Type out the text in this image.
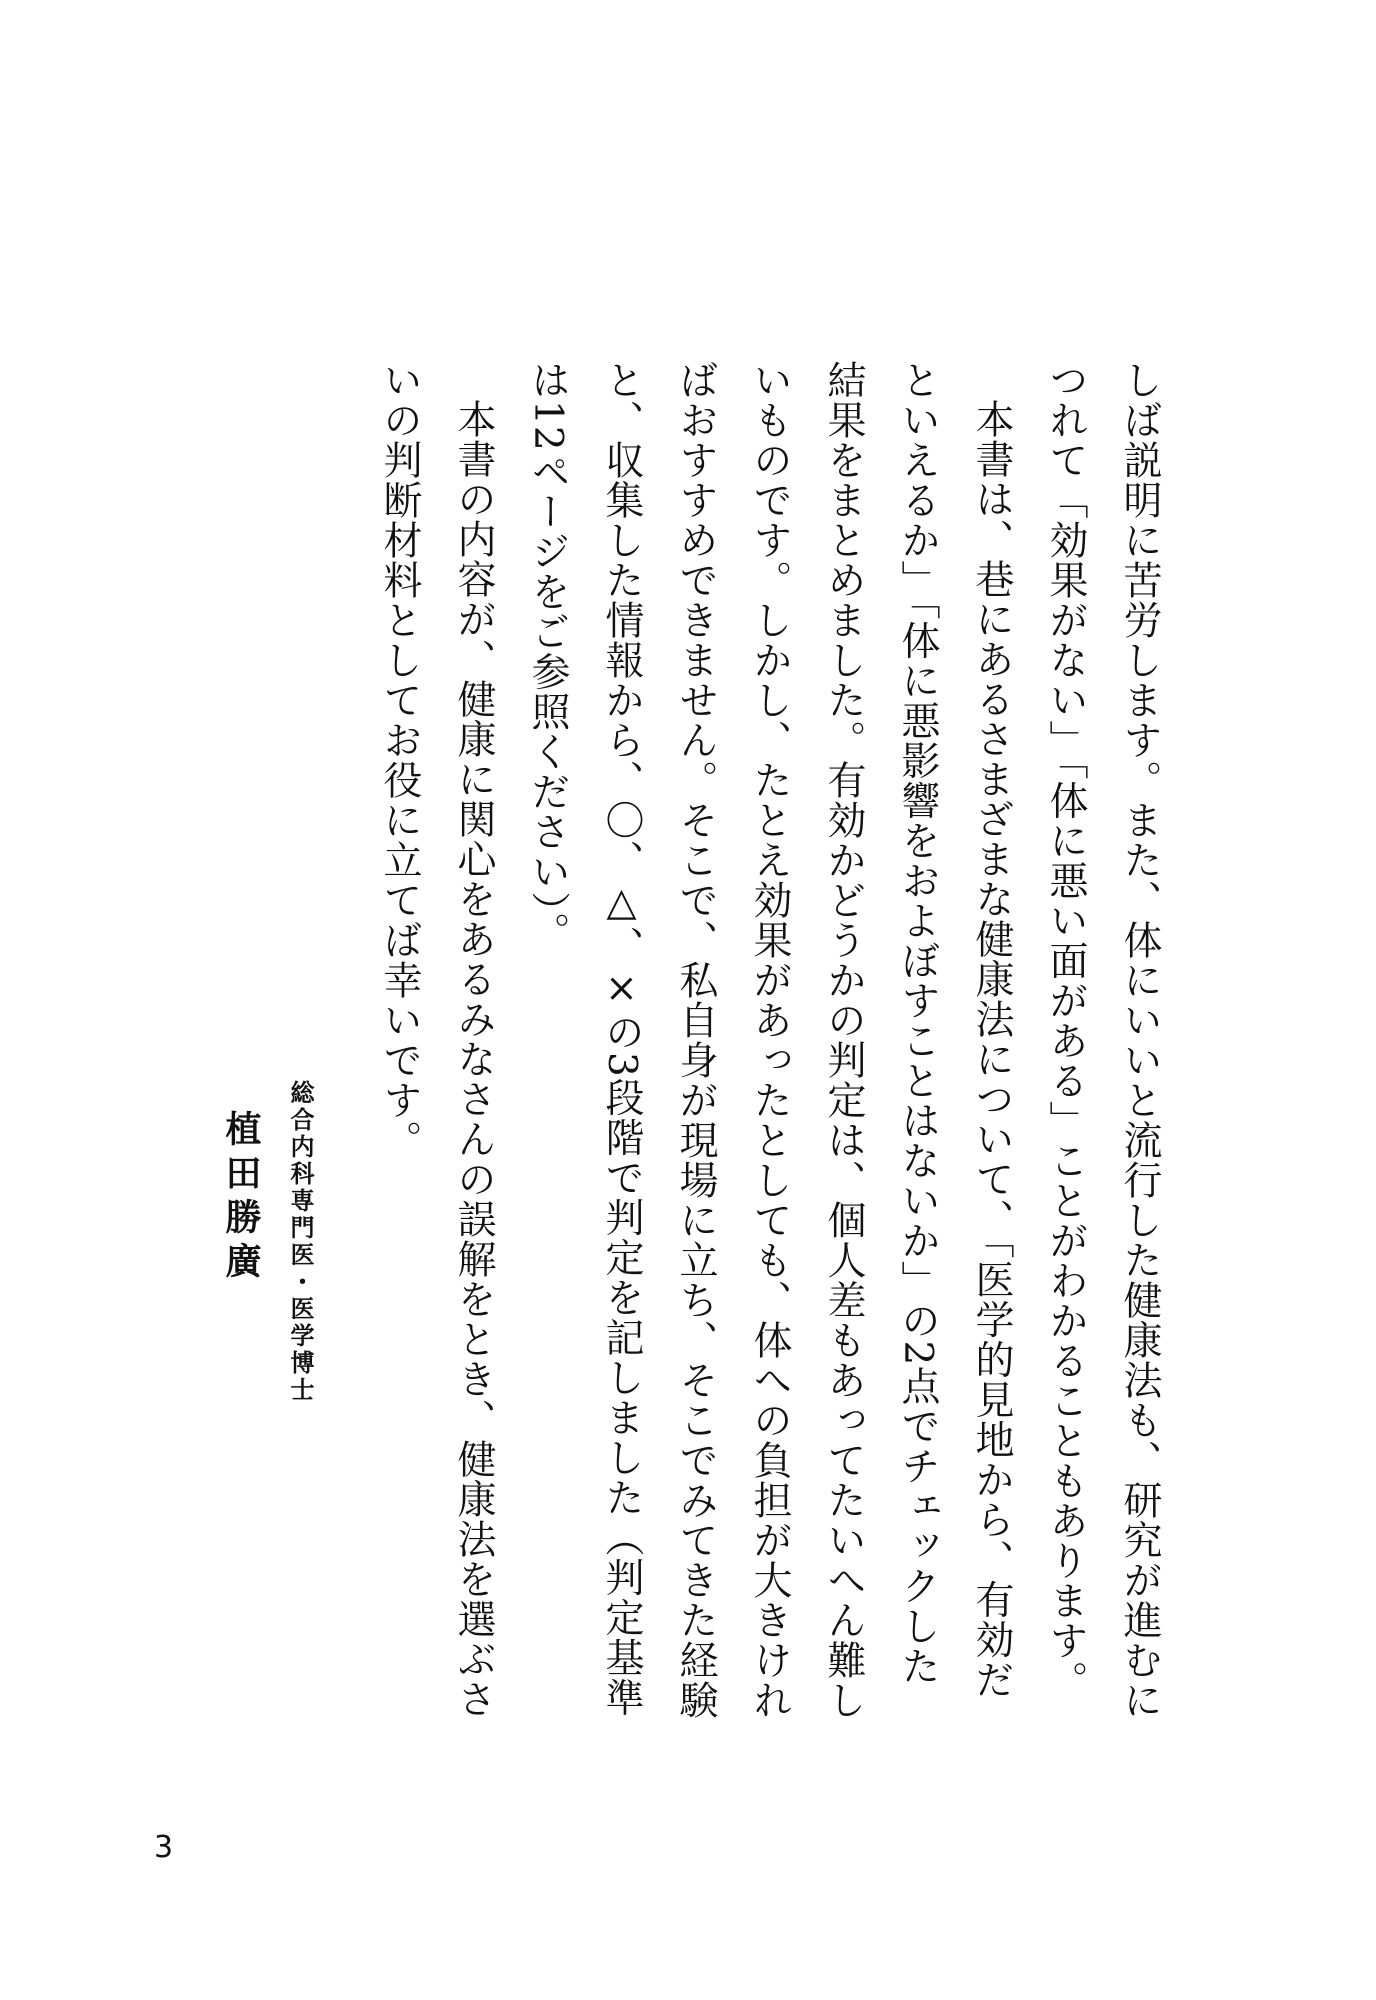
しば説明に苦労します。また、体にいいと流行した健康法も、研究が進むに
つれて「効果がない」「体に悪い面がある」ことがわかることもあります。
本書は、巷にあるさまざまな健康法について、「医学的見地から、有効だ
といえるか」「体に悪影響をおよぼすことはないか」の2点でチェックした
結果をまとめました。有効かどうかの判定は、個人差もあってたいへん難し
いものです。しかし、たとえ効果があったとしても、体への負担が大きけれ
ばおすすめできません。そこで、私自身が現場に立ち、そこでみてきた経験
と、収集した情報から、〇、△、×の3段階で判定を記しました（判定基準
は12ページをご参照ください）。
本書の内容が、健康に関心をあるみなさんの誤解をとき、健康法を選ぶさ
いの判断材料としてお役に立てば幸いです。
総合内科専門医・医学博士
植田勝廣
3
